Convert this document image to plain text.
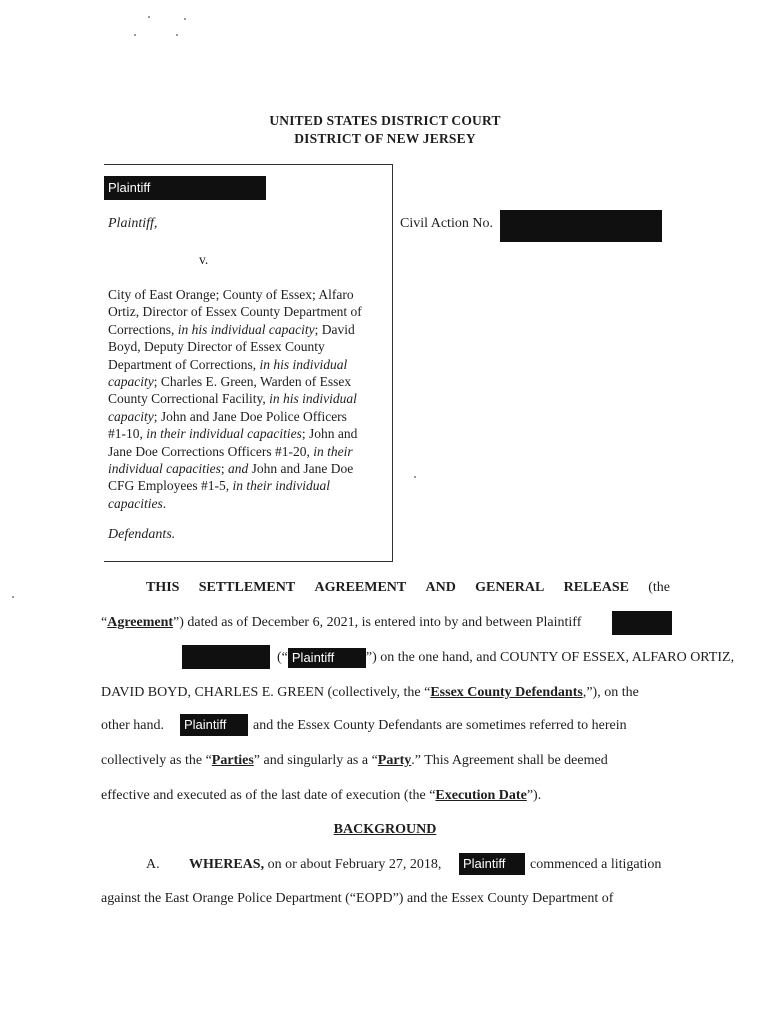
UNITED STATES DISTRICT COURT
DISTRICT OF NEW JERSEY
Plaintiff
Plaintiff,	Civil Action No.
v.
City of East Orange; County of Essex; Alfaro
Ortiz, Director of Essex County Department of
Corrections, in his individual capacity; David
Boyd, Deputy Director of Essex County
Department of Corrections, in his individual
capacity; Charles E. Green, Warden of Essex
County Correctional Facility, in his individual
capacity; John and Jane Doe Police Officers
#1-10, in their individual capacities; John and
Jane Doe Corrections Officers #1-20, in their
individual capacities; and John and Jane Doe
CFG Employees #1-5, in their individual
capacities.
Defendants.
THIS SETTLEMENT AGREEMENT AND GENERAL RELEASE (the
“Agreement”) dated as of December 6, 2021, is entered into by and between Plaintiff
(“ Plaintiff ”) on the one hand, and COUNTY OF ESSEX, ALFARO ORTIZ,
DAVID BOYD, CHARLES E. GREEN (collectively, the “Essex County Defendants,”), on the
other hand.	Plaintiff	and the Essex County Defendants are sometimes referred to herein
collectively as the “Parties” and singularly as a “Party.” This Agreement shall be deemed
effective and executed as of the last date of execution (the “Execution Date”).
BACKGROUND
A. WHEREAS, on or about February 27, 2018,	Plaintiff	commenced a litigation
against the East Orange Police Department (“EOPD”) and the Essex County Department of
